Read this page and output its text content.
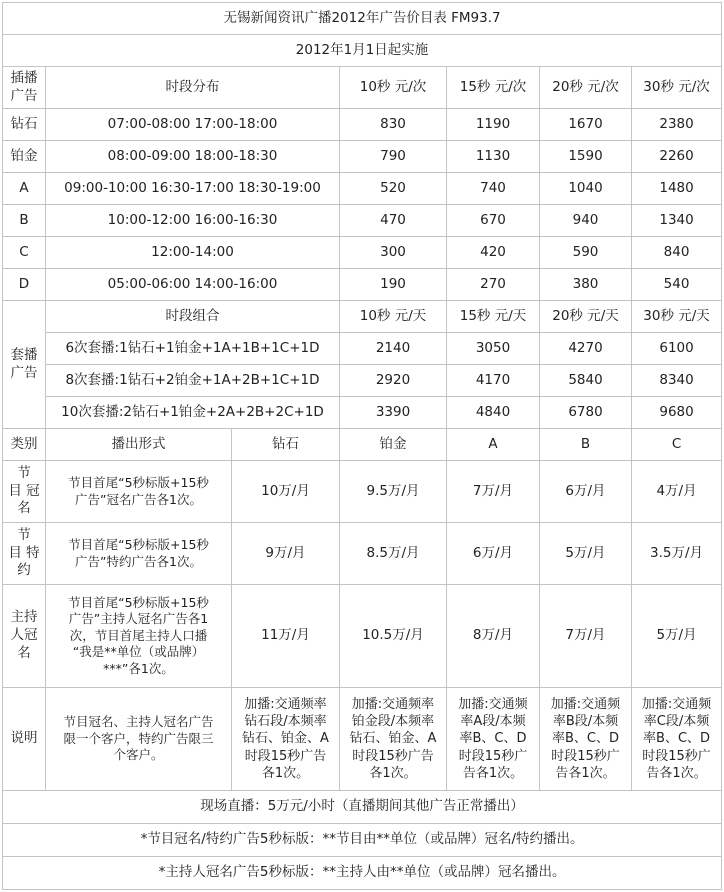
无锡新闻资讯广播2012年广告价目表 FM93.7						
2012年1月1日起实施						
插播
广告	时段分布		10秒 元/次	15秒 元/次	20秒 元/次	30秒 元/次
钻石	07:00-08:00 17:00-18:00		830	1190	1670	2380
铂金	08:00-09:00 18:00-18:30		790	1130	1590	2260
A	09:00-10:00 16:30-17:00 18:30-19:00		520	740	1040	1480
B	10:00-12:00 16:00-16:30		470	670	940	1340
C	12:00-14:00		300	420	590	840
D	05:00-06:00 14:00-16:00		190	270	380	540
套播
广告	时段组合		10秒 元/天	15秒 元/天	20秒 元/天	30秒 元/天
	6次套播:1钻石+1铂金+1A+1B+1C+1D		2140	3050	4270	6100
	8次套播:1钻石+2铂金+1A+2B+1C+1D		2920	4170	5840	8340
	10次套播:2钻石+1铂金+2A+2B+2C+1D		3390	4840	6780	9680
类别	播出形式	钻石	铂金	A	B	C
节
目 冠
名	节目首尾“5秒标版+15秒
广告”冠名广告各1次。	10万/月	9.5万/月	7万/月	6万/月	4万/月
节
目 特
约	节目首尾“5秒标版+15秒
广告”特约广告各1次。	9万/月	8.5万/月	6万/月	5万/月	3.5万/月
主持
人冠
名	节目首尾“5秒标版+15秒
广告”主持人冠名广告各1
次，节目首尾主持人口播
“我是**单位（或品牌）
***”各1次。	11万/月	10.5万/月	8万/月	7万/月	5万/月
说明	节目冠名、主持人冠名广告
限一个客户，特约广告限三
个客户。	加播:交通频率
钻石段/本频率
钻石、铂金、A
时段15秒广告
各1次。	加播:交通频率
铂金段/本频率
钻石、铂金、A
时段15秒广告
各1次。	加播:交通频
率A段/本频
率B、C、D
时段15秒广
告各1次。	加播:交通频
率B段/本频
率B、C、D
时段15秒广
告各1次。	加播:交通频
率C段/本频
率B、C、D
时段15秒广
告各1次。
现场直播：5万元/小时（直播期间其他广告正常播出）						
*节目冠名/特约广告5秒标版：**节目由**单位（或品牌）冠名/特约播出。						
*主持人冠名广告5秒标版：**主持人由**单位（或品牌）冠名播出。						
